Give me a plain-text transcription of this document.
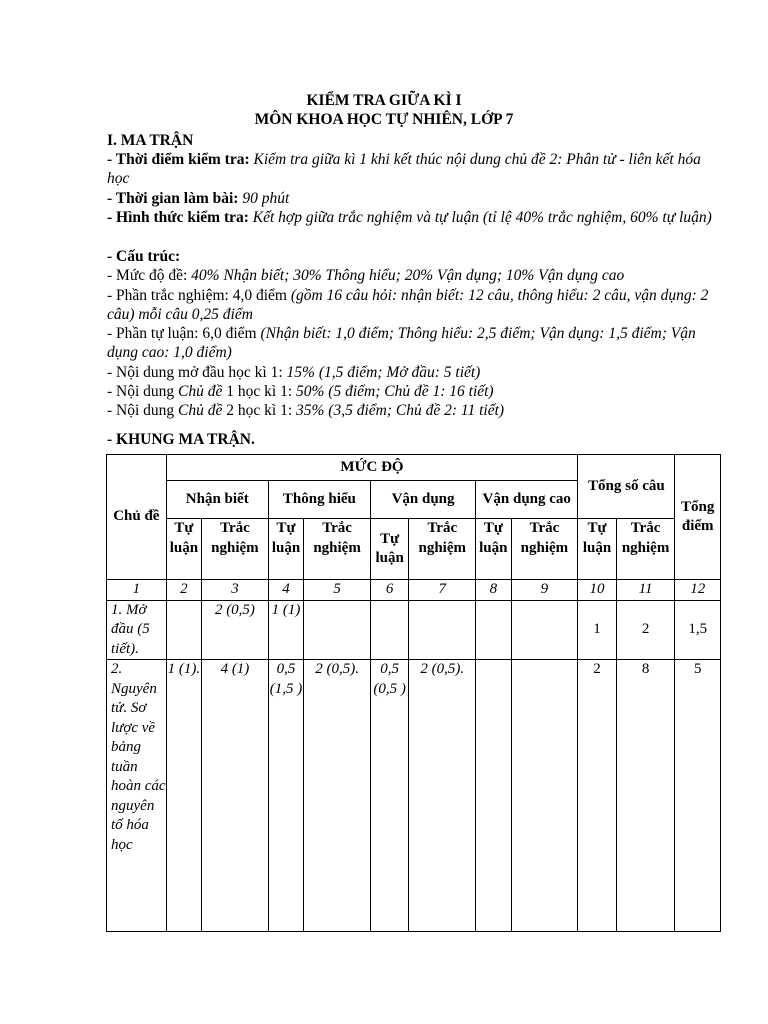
KIỂM TRA GIỮA KÌ I
MÔN KHOA HỌC TỰ NHIÊN, LỚP 7
I. MA TRẬN
- Thời điểm kiểm tra: Kiểm tra giữa kì 1 khi kết thúc nội dung chủ đề 2: Phân tử - liên kết hóa học
- Thời gian làm bài: 90 phút
- Hình thức kiểm tra: Kết hợp giữa trắc nghiệm và tự luận (tỉ lệ 40% trắc nghiệm, 60% tự luận)
- Cấu trúc:
- Mức độ đề: 40% Nhận biết; 30% Thông hiểu; 20% Vận dụng; 10% Vận dụng cao
- Phần trắc nghiệm: 4,0 điểm (gồm 16 câu hỏi: nhận biết: 12 câu, thông hiểu: 2 câu, vận dụng: 2 câu) mỗi câu 0,25 điểm
- Phần tự luận: 6,0 điểm (Nhận biết: 1,0 điểm; Thông hiểu: 2,5 điểm; Vận dụng: 1,5 điểm; Vận dụng cao: 1,0 điểm)
- Nội dung mở đầu học kì 1: 15% (1,5 điểm; Mở đầu: 5 tiết)
- Nội dung Chủ đề 1 học kì 1: 50% (5 điểm; Chủ đề 1: 16 tiết)
- Nội dung Chủ đề 2 học kì 1: 35% (3,5 điểm; Chủ đề 2: 11 tiết)
- KHUNG MA TRẬN.
Chủ đề	MỨC ĐỘ								Tổng số câu		Tổng điểm
	Nhận biết		Thông hiểu		Vận dụng		Vận dụng cao				
	Tự luận	Trắc nghiệm	Tự luận	Trắc nghiệm	Tự luận	Trắc nghiệm	Tự luận	Trắc nghiệm	Tự luận	Trắc nghiệm	
1	2	3	4	5	6	7	8	9	10	11	12
1. Mở đầu (5 tiết).		2 (0,5)	1 (1)						1	2	1,5
2. Nguyên tử. Sơ lược về bảng tuần hoàn các nguyên tố hóa học	1 (1).	4 (1)	0,5 (1,5 )	2 (0,5).	0,5 (0,5 )	2 (0,5).			2	8	5
